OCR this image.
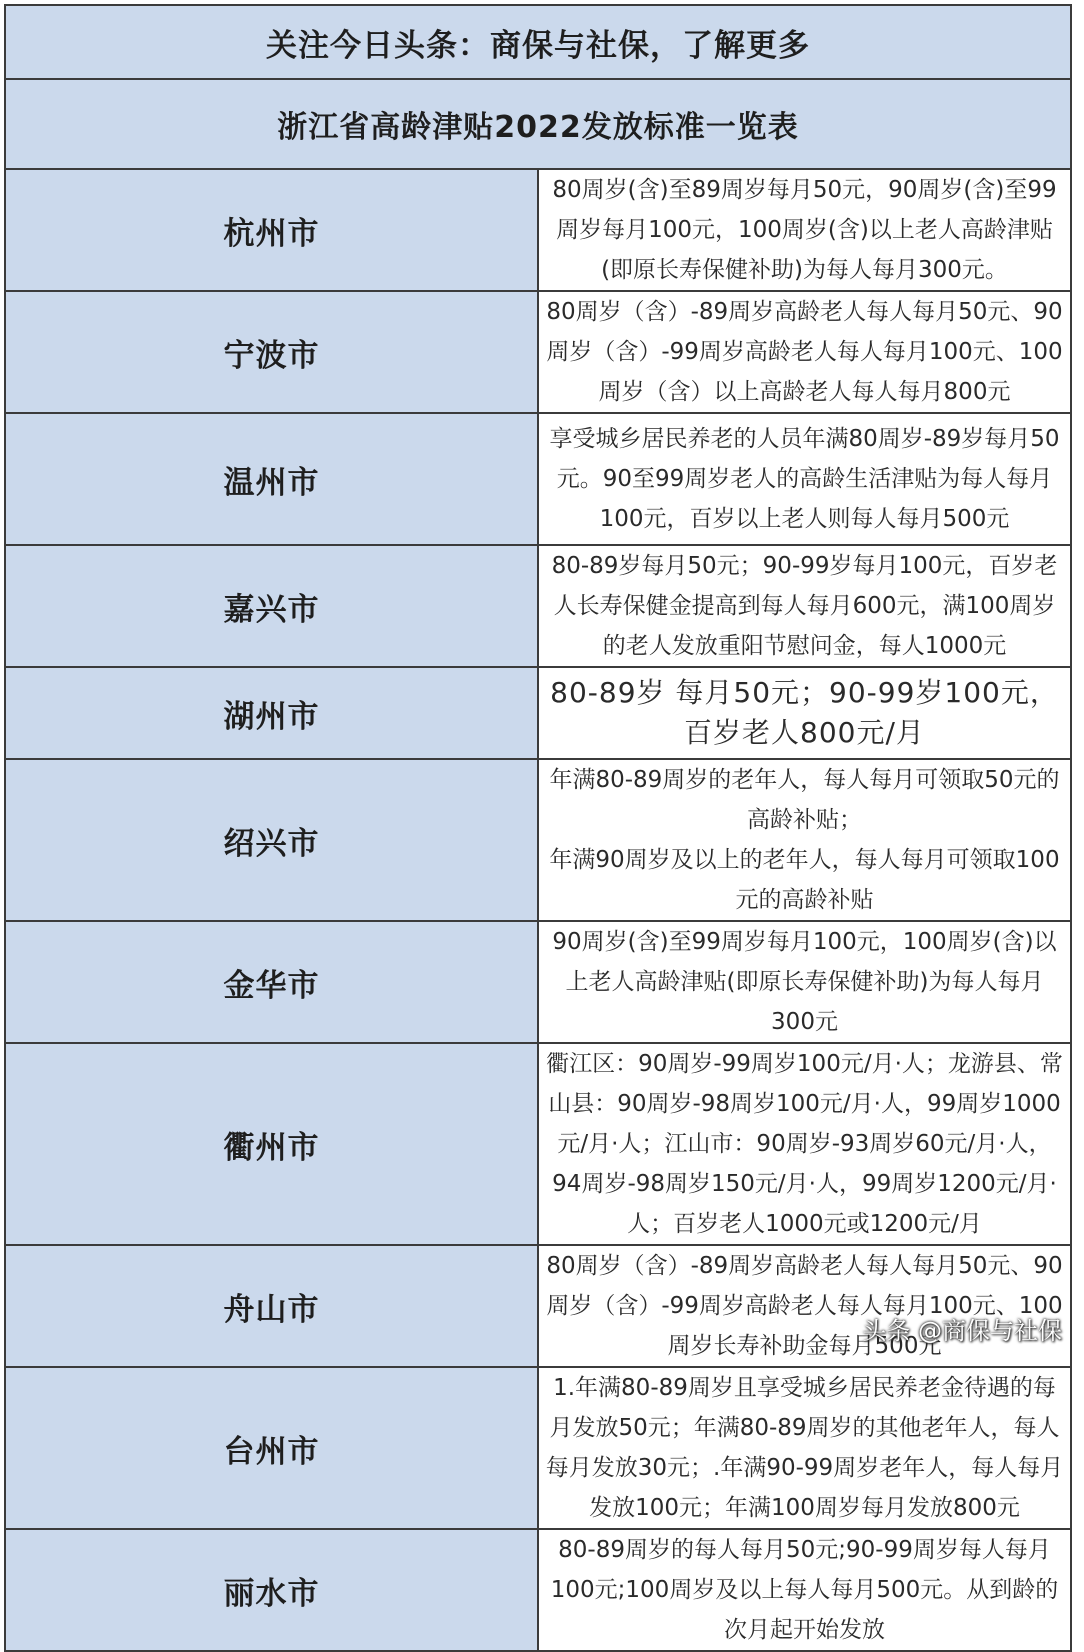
关注今日头条：商保与社保，了解更多	
浙江省高龄津贴2022发放标准一览表	
杭州市	80周岁(含)至89周岁每月50元，90周岁(含)至99周岁每月100元，100周岁(含)以上老人高龄津贴(即原长寿保健补助)为每人每月300元。
宁波市	80周岁（含）-89周岁高龄老人每人每月50元、90周岁（含）-99周岁高龄老人每人每月100元、100周岁（含）以上高龄老人每人每月800元
温州市	享受城乡居民养老的人员年满80周岁-89岁每月50元。90至99周岁老人的高龄生活津贴为每人每月100元，百岁以上老人则每人每月500元
嘉兴市	80-89岁每月50元；90-99岁每月100元，百岁老人长寿保健金提高到每人每月600元，满100周岁的老人发放重阳节慰问金，每人1000元
湖州市	80-89岁 每月50元；90-99岁100元，百岁老人800元/月
绍兴市	年满80-89周岁的老年人，每人每月可领取50元的高龄补贴；
年满90周岁及以上的老年人，每人每月可领取100元的高龄补贴

金华市	90周岁(含)至99周岁每月100元，100周岁(含)以上老人高龄津贴(即原长寿保健补助)为每人每月300元
衢州市	衢江区：90周岁-99周岁100元/月·人；龙游县、常山县：90周岁-98周岁100元/月·人，99周岁1000元/月·人；江山市：90周岁-93周岁60元/月·人，94周岁-98周岁150元/月·人，99周岁1200元/月·人；百岁老人1000元或1200元/月
舟山市	80周岁（含）-89周岁高龄老人每人每月50元、90周岁（含）-99周岁高龄老人每人每月100元、100周岁长寿补助金每月500元
台州市	1.年满80-89周岁且享受城乡居民养老金待遇的每月发放50元；年满80-89周岁的其他老年人，每人每月发放30元；.年满90-99周岁老年人，每人每月发放100元；年满100周岁每月发放800元
丽水市	80-89周岁的每人每月50元;90-99周岁每人每月100元;100周岁及以上每人每月500元。从到龄的次月起开始发放
头条 @商保与社保
